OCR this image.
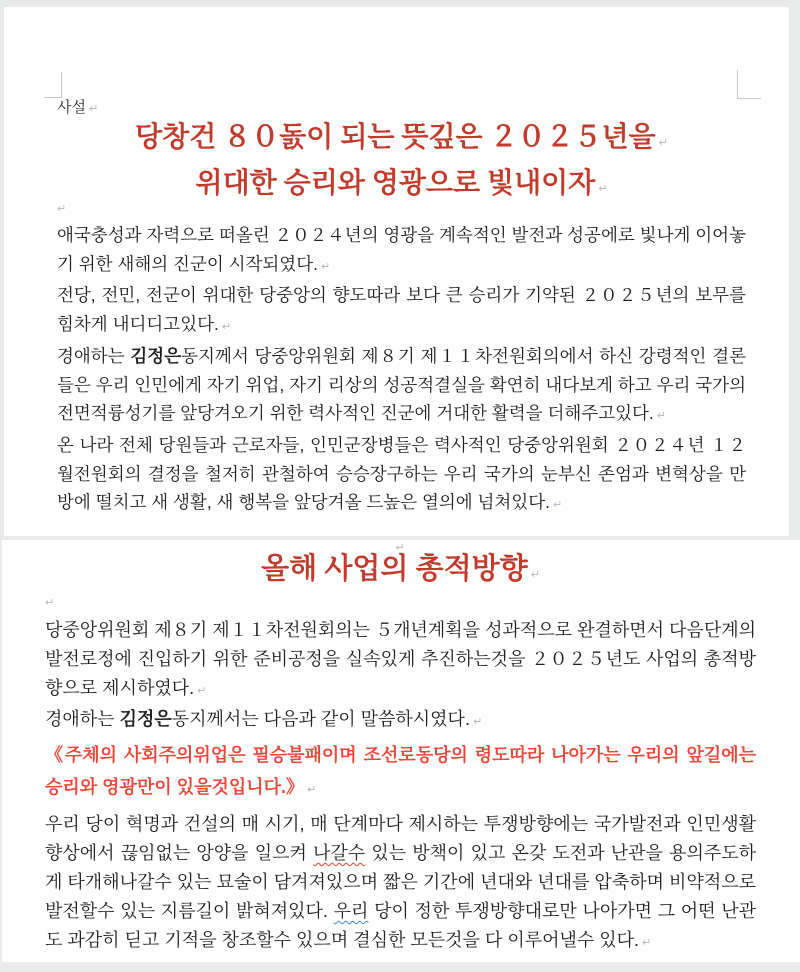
사설 ↵
당창건 ８０돐이 되는 뜻깊은 ２０２５년을 ↵
위대한 승리와 영광으로 빛내이자 ↵
↵

애국충성과 자력으로 떠올린 ２０２４년의 영광을 계속적인 발전과 성공에로 빛나게 이어놓기 위한 새해의 진군이 시작되였다. ↵

전당, 전민, 전군이 위대한 당중앙의 향도따라 보다 큰 승리가 기약된 ２０２５년의 보무를 힘차게 내디디고있다. ↵

경애하는 김정은동지께서 당중앙위원회 제８기 제１１차전원회의에서 하신 강령적인 결론들은 우리 인민에게 자기 위업, 자기 리상의 성공적결실을 확연히 내다보게 하고 우리 국가의 전면적륭성기를 앞당겨오기 위한 력사적인 진군에 거대한 활력을 더해주고있다. ↵

온 나라 전체 당원들과 근로자들, 인민군장병들은 력사적인 당중앙위원회 ２０２４년 １２월전원회의 결정을 철저히 관철하여 승승장구하는 우리 국가의 눈부신 존엄과 변혁상을 만방에 떨치고 새 생활, 새 행복을 앞당겨올 드높은 열의에 넘쳐있다. ↵

↵
올해 사업의 총적방향 ↵
↵

당중앙위원회 제８기 제１１차전원회의는 ５개년계획을 성과적으로 완결하면서 다음단계의 발전로정에 진입하기 위한 준비공정을 실속있게 추진하는것을 ２０２５년도 사업의 총적방향으로 제시하였다. ↵

경애하는 김정은동지께서는 다음과 같이 말씀하시였다. ↵

《주체의 사회주의위업은 필승불패이며 조선로동당의 령도따라 나아가는 우리의 앞길에는 승리와 영광만이 있을것입니다.》 ↵

우리 당이 혁명과 건설의 매 시기, 매 단계마다 제시하는 투쟁방향에는 국가발전과 인민생활 향상에서 끊임없는 앙양을 일으켜 나갈수 있는 방책이 있고 온갖 도전과 난관을 용의주도하게 타개해나갈수 있는 묘술이 담겨져있으며 짧은 기간에 년대와 년대를 압축하며 비약적으로 발전할수 있는 지름길이 밝혀져있다. 우리 당이 정한 투쟁방향대로만 나아가면 그 어떤 난관도 과감히 딛고 기적을 창조할수 있으며 결심한 모든것을 다 이루어낼수 있다. ↵
